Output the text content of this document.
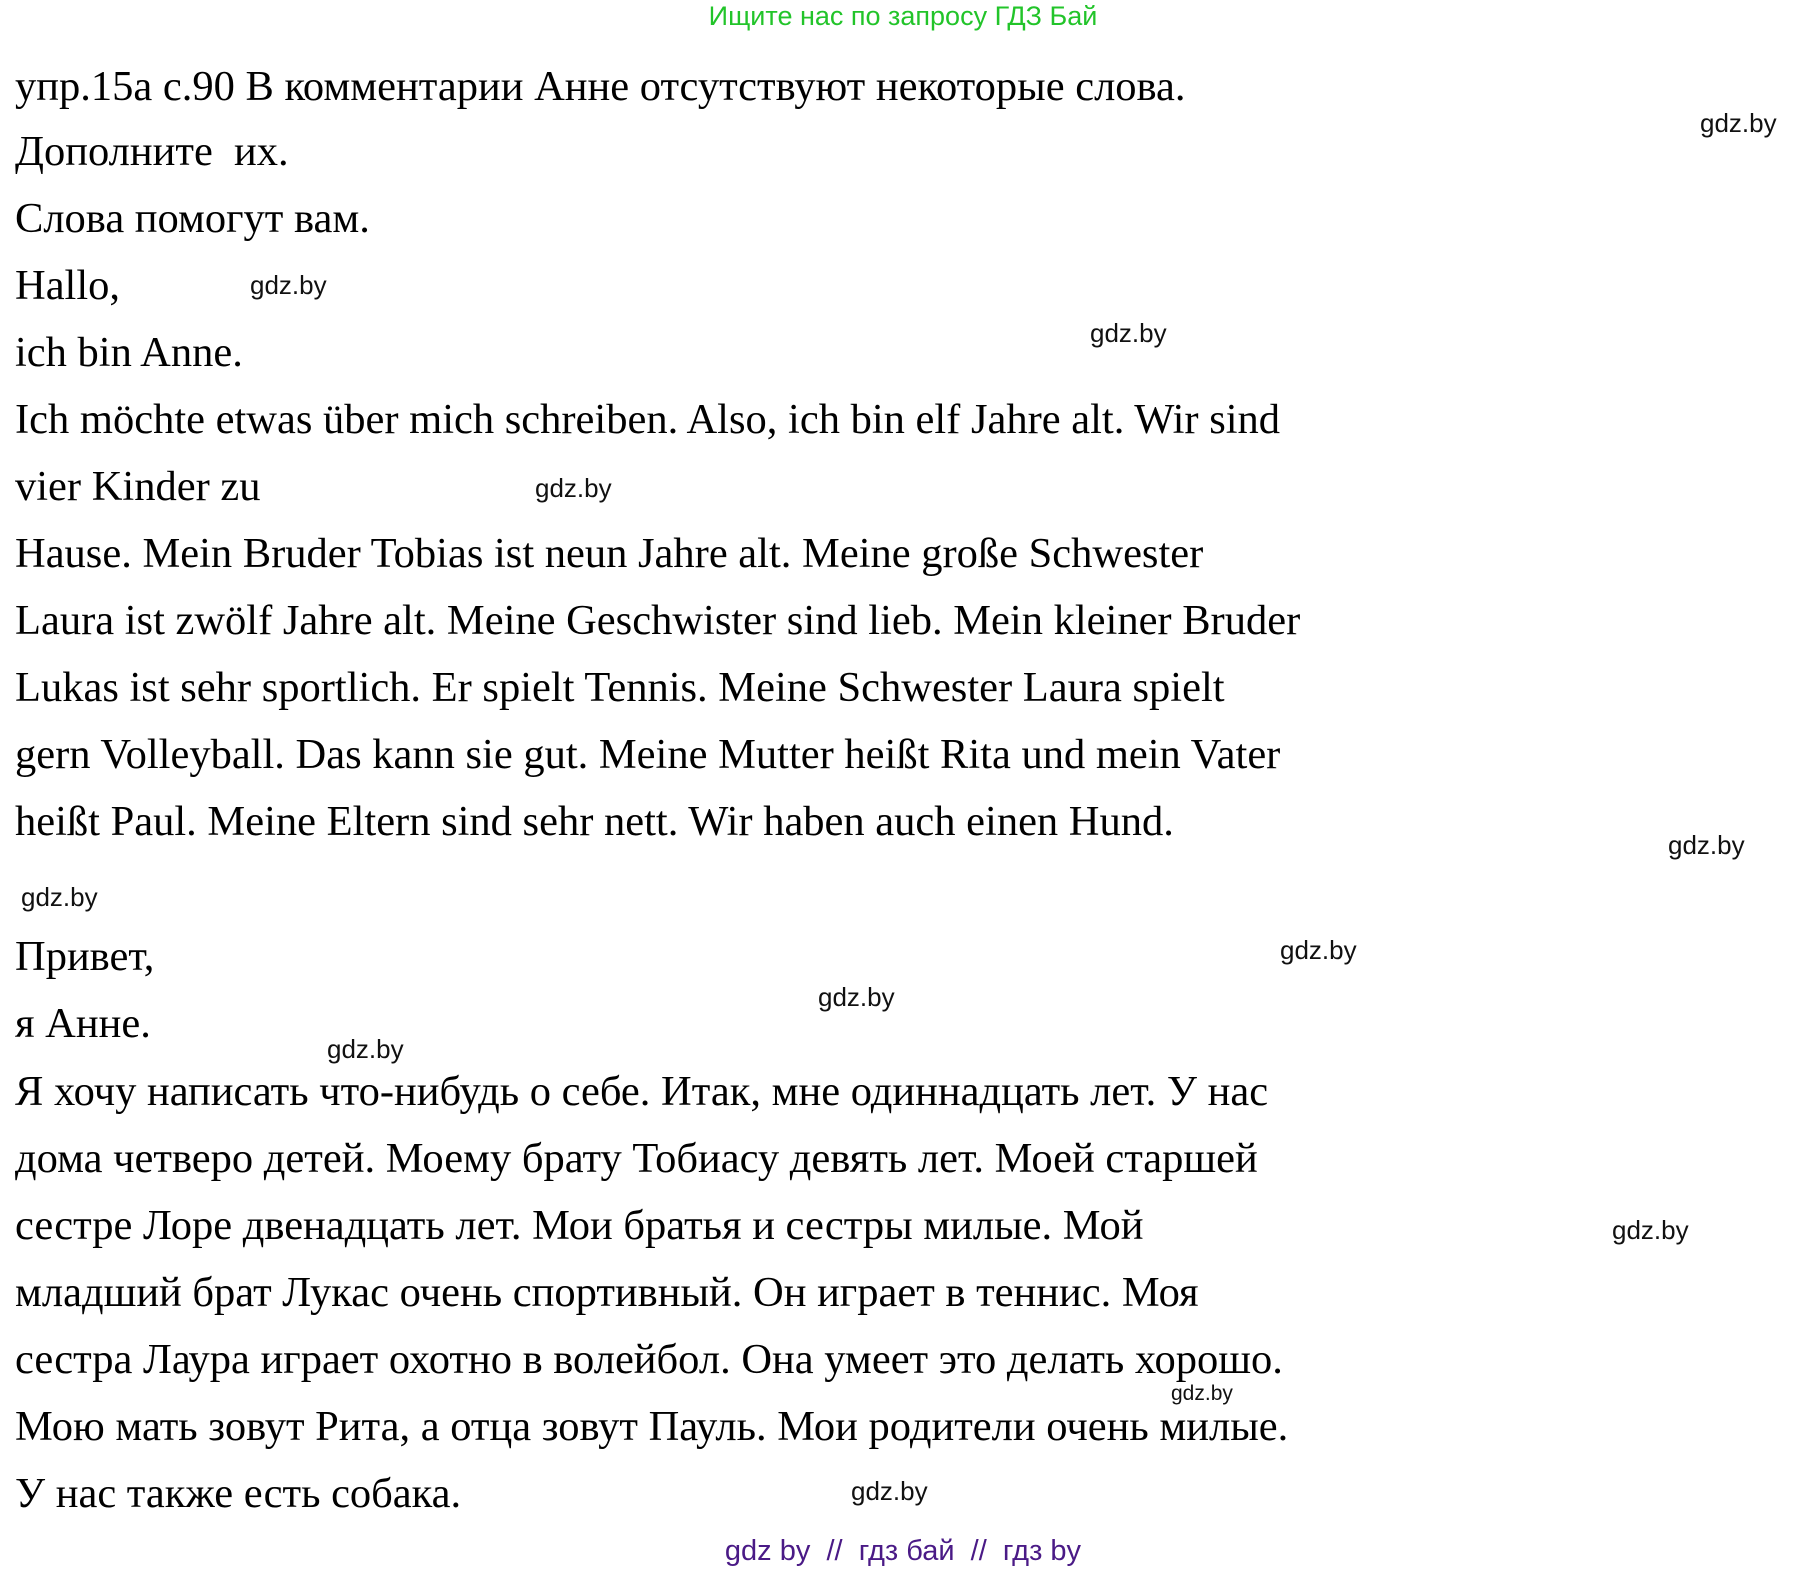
Ищите нас по запросу ГДЗ Бай
упр.15а с.90 В комментарии Анне отсутствуют некоторые слова.
Дополните  их.
Слова помогут вам.
Hallo,
ich bin Anne.
Ich möchte etwas über mich schreiben. Also, ich bin elf Jahre alt. Wir sind
vier Kinder zu
Hause. Mein Bruder Tobias ist neun Jahre alt. Meine große Schwester
Laura ist zwölf Jahre alt. Meine Geschwister sind lieb. Mein kleiner Bruder
Lukas ist sehr sportlich. Er spielt Tennis. Meine Schwester Laura spielt
gern Volleyball. Das kann sie gut. Meine Mutter heißt Rita und mein Vater
heißt Paul. Meine Eltern sind sehr nett. Wir haben auch einen Hund.
Привет,
я Анне.
Я хочу написать что-нибудь о себе. Итак, мне одиннадцать лет. У нас
дома четверо детей. Моему брату Тобиасу девять лет. Моей старшей
сестре Лоре двенадцать лет. Мои братья и сестры милые. Мой
младший брат Лукас очень спортивный. Он играет в теннис. Моя
сестра Лаура играет охотно в волейбол. Она умеет это делать хорошо.
Мою мать зовут Рита, а отца зовут Пауль. Мои родители очень милые.
У нас также есть собака.
gdz.by
gdz.by
gdz.by
gdz.by
gdz.by
gdz.by
gdz.by
gdz.by
gdz.by
gdz.by
gdz.by
gdz.by
gdz by  //  гдз бай  //  гдз by
